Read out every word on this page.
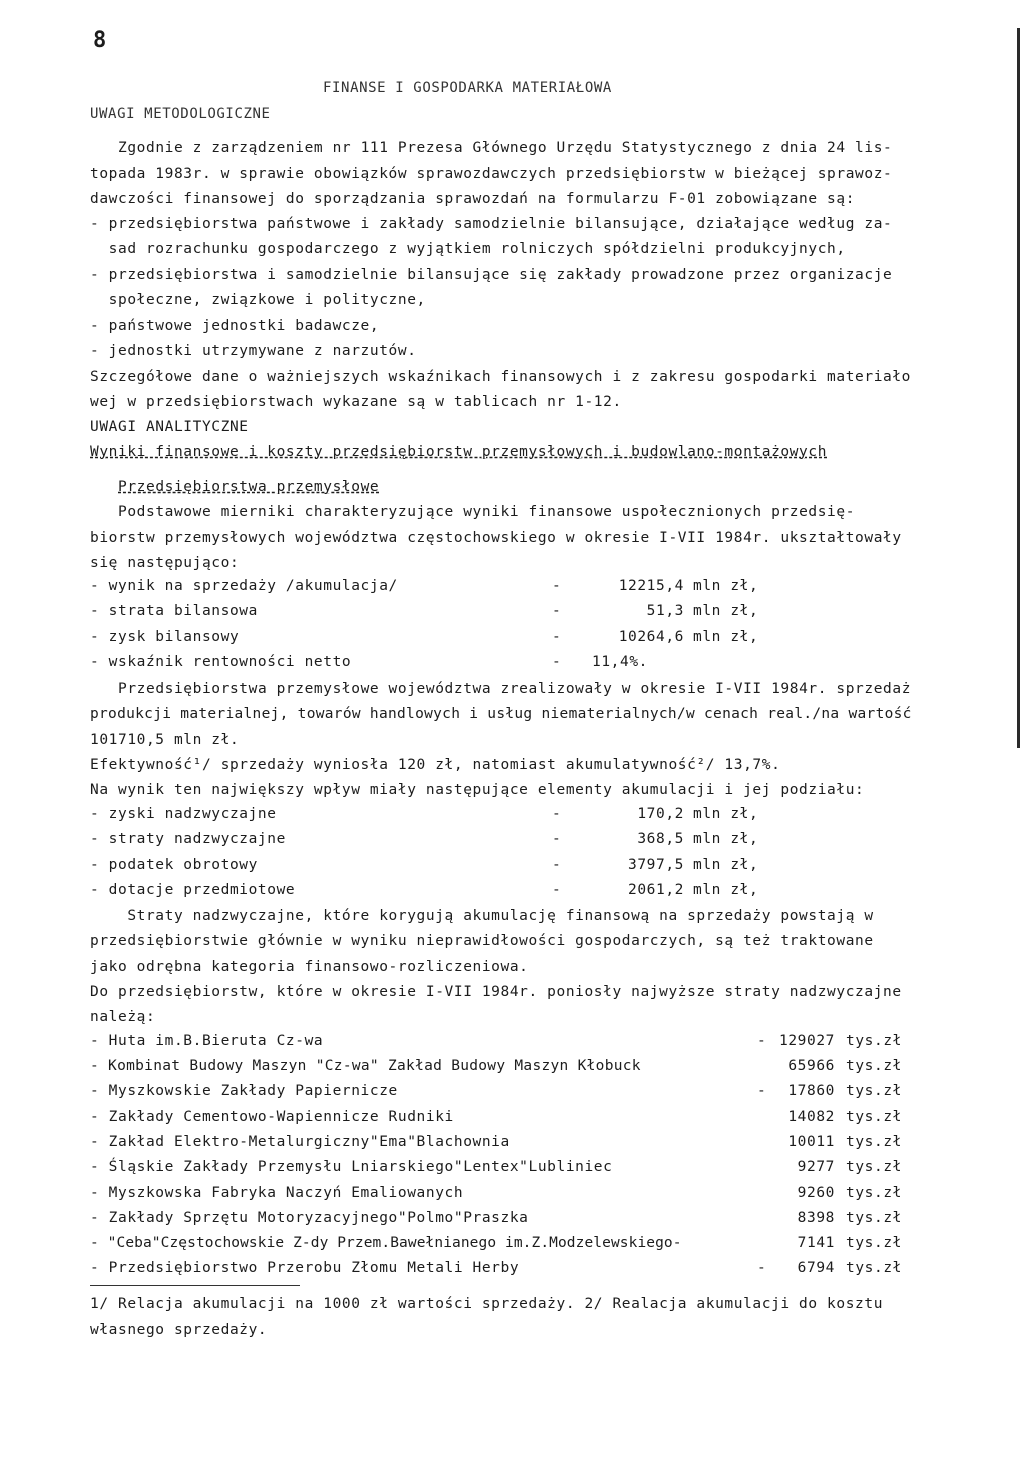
8
FINANSE I GOSPODARKA MATERIAŁOWA
UWAGI METODOLOGICZNE
Zgodnie z zarządzeniem nr 111 Prezesa Głównego Urzędu Statystycznego z dnia 24 lis-
topada 1983r. w sprawie obowiązków sprawozdawczych przedsiębiorstw w bieżącej sprawoz-
dawczości finansowej do sporządzania sprawozdań na formularzu F-01 zobowiązane są:
- przedsiębiorstwa państwowe i zakłady samodzielnie bilansujące, działające według za-
sad rozrachunku gospodarczego z wyjątkiem rolniczych spółdzielni produkcyjnych,
- przedsiębiorstwa i samodzielnie bilansujące się zakłady prowadzone przez organizacje
społeczne, związkowe i polityczne,
- państwowe jednostki badawcze,
- jednostki utrzymywane z narzutów.
Szczegółowe dane o ważniejszych wskaźnikach finansowych i z zakresu gospodarki materiało
wej w przedsiębiorstwach wykazane są w tablicach nr 1-12.
UWAGI ANALITYCZNE
Wyniki finansowe i koszty przedsiębiorstw przemysłowych i budowlano-montażowych
Przedsiębiorstwa przemysłowe
Podstawowe mierniki charakteryzujące wyniki finansowe uspołecznionych przedsię-
biorstw przemysłowych województwa częstochowskiego w okresie I-VII 1984r. ukształtowały
się następująco:
- wynik na sprzedaży /akumulacja/	-	12215,4 mln zł,
- strata bilansowa	-	51,3 mln zł,
- zysk bilansowy	-	10264,6 mln zł,
- wskaźnik rentowności netto	- 11,4%.
Przedsiębiorstwa przemysłowe województwa zrealizowały w okresie I-VII 1984r. sprzedaż
produkcji materialnej, towarów handlowych i usług niematerialnych/w cenach real./na wartość
101710,5 mln zł.
Efektywność¹/ sprzedaży wyniosła 120 zł, natomiast akumulatywność²/ 13,7%.
Na wynik ten największy wpływ miały następujące elementy akumulacji i jej podziału:
- zyski nadzwyczajne	-	170,2 mln zł,
- straty nadzwyczajne	-	368,5 mln zł,
- podatek obrotowy	-	3797,5 mln zł,
- dotacje przedmiotowe	-	2061,2 mln zł,
Straty nadzwyczajne, które korygują akumulację finansową na sprzedaży powstają w
przedsiębiorstwie głównie w wyniku nieprawidłowości gospodarczych, są też traktowane
jako odrębna kategoria finansowo-rozliczeniowa.
Do przedsiębiorstw, które w okresie I-VII 1984r. poniosły najwyższe straty nadzwyczajne
należą:
- Huta im.B.Bieruta Cz-wa	- 129027 tys.zł
- Kombinat Budowy Maszyn "Cz-wa" Zakład Budowy Maszyn Kłobuck	65966 tys.zł
- Myszkowskie Zakłady Papiernicze	-	17860 tys.zł
- Zakłady Cementowo-Wapiennicze Rudniki	14082 tys.zł
- Zakład Elektro-Metalurgiczny"Ema"Blachownia	10011 tys.zł
- Śląskie Zakłady Przemysłu Lniarskiego"Lentex"Lubliniec	9277 tys.zł
- Myszkowska Fabryka Naczyń Emaliowanych	9260 tys.zł
- Zakłady Sprzętu Motoryzacyjnego"Polmo"Praszka	8398 tys.zł
- "Ceba"Częstochowskie Z-dy Przem.Bawełnianego im.Z.Modzelewskiego-	7141 tys.zł
- Przedsiębiorstwo Przerobu Złomu Metali Herby	-	6794 tys.zł
1/ Relacja akumulacji na 1000 zł wartości sprzedaży. 2/ Realacja akumulacji do kosztu
własnego sprzedaży.
